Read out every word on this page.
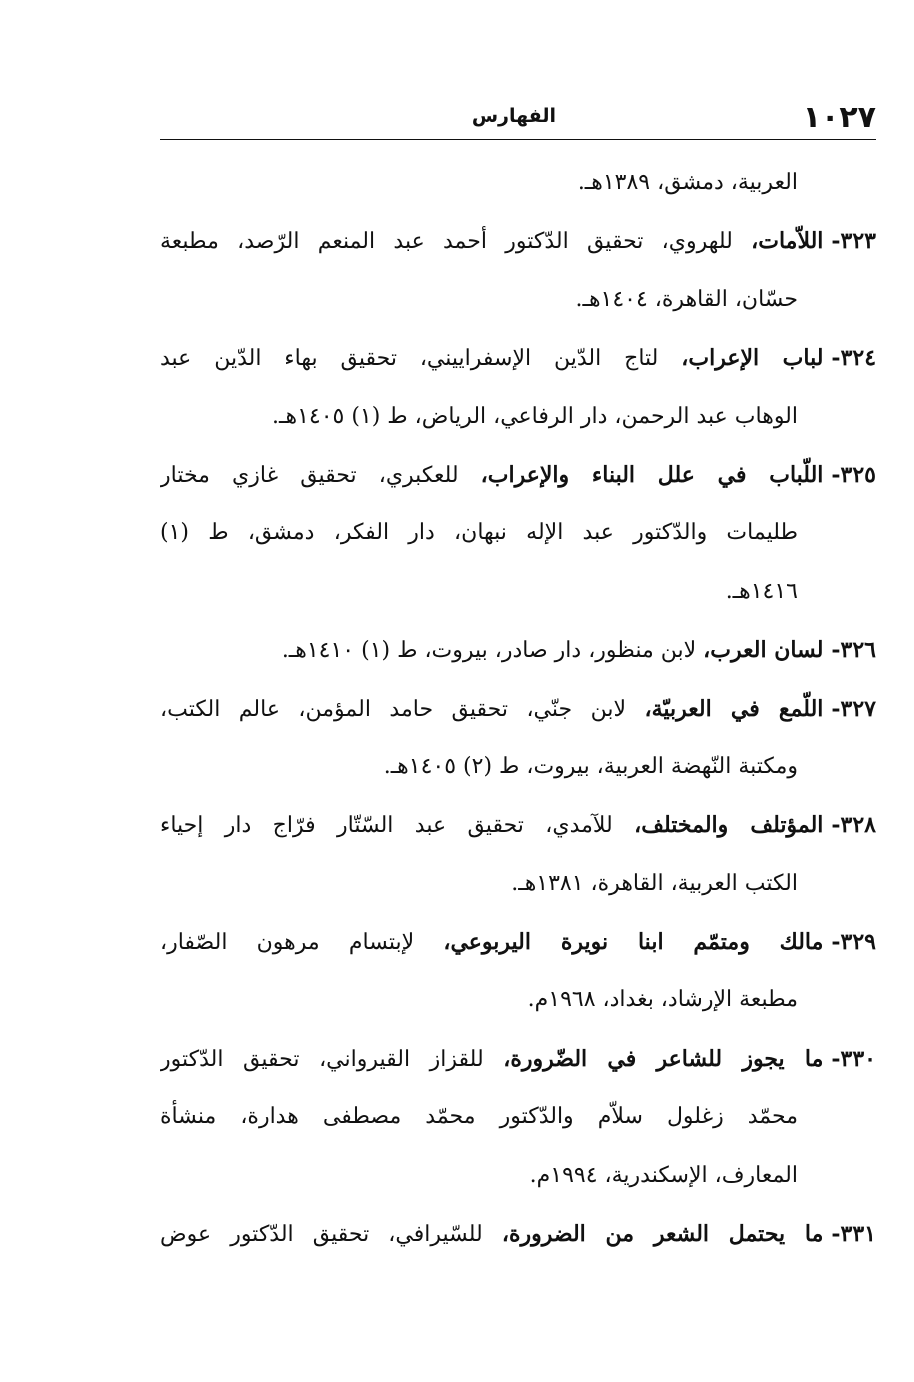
١٠٢٧
الفهارس
العربية، دمشق، ١٣٨٩هـ.
٣٢٣-اللاّمات، للهروي، تحقيق الدّكتور أحمد عبد المنعم الرّصد، مطبعة
حسّان، القاهرة، ١٤٠٤هـ.
٣٢٤-لباب الإعراب، لتاج الدّين الإسفراييني، تحقيق بهاء الدّين عبد
الوهاب عبد الرحمن، دار الرفاعي، الرياض، ط (١) ١٤٠٥هـ.
٣٢٥-اللّباب في علل البناء والإعراب، للعكبري، تحقيق غازي مختار
طليمات والدّكتور عبد الإله نبهان، دار الفكر، دمشق، ط (١)
١٤١٦هـ.
٣٢٦-لسان العرب، لابن منظور، دار صادر، بيروت، ط (١) ١٤١٠هـ.
٣٢٧-اللّمع في العربيّة، لابن جنّي، تحقيق حامد المؤمن، عالم الكتب،
ومكتبة النّهضة العربية، بيروت، ط (٢) ١٤٠٥هـ.
٣٢٨-المؤتلف والمختلف، للآمدي، تحقيق عبد السّتّار فرّاج دار إحياء
الكتب العربية، القاهرة، ١٣٨١هـ.
٣٢٩-مالك ومتمّم ابنا نويرة اليربوعي، لإبتسام مرهون الصّفار،
مطبعة الإرشاد، بغداد، ١٩٦٨م.
٣٣٠-ما يجوز للشاعر في الضّرورة، للقزاز القيرواني، تحقيق الدّكتور
محمّد زغلول سلاّم والدّكتور محمّد مصطفى هدارة، منشأة
المعارف، الإسكندرية، ١٩٩٤م.
٣٣١-ما يحتمل الشعر من الضرورة، للسّيرافي، تحقيق الدّكتور عوض
